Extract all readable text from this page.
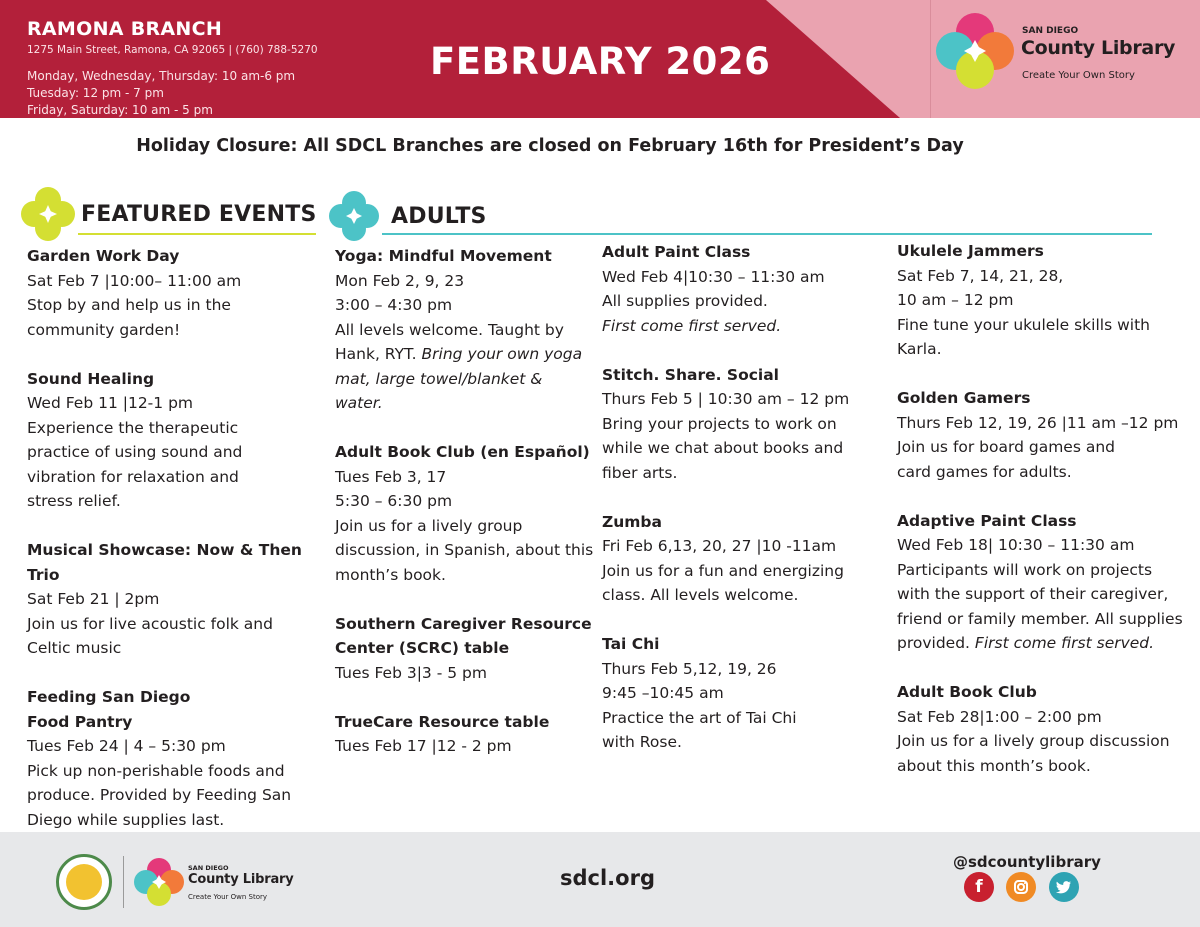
RAMONA BRANCH
1275 Main Street, Ramona, CA 92065 | (760) 788-5270
Monday, Wednesday, Thursday: 10 am-6 pm
Tuesday: 12 pm - 7 pm
Friday, Saturday: 10 am - 5 pm
FEBRUARY 2026
SAN DIEGO
County Library
Create Your Own Story
Holiday Closure: All SDCL Branches are closed on February 16th for President’s Day
FEATURED EVENTS	ADULTS
Garden Work Day
Sat Feb 7 |10:00– 11:00 am
Stop by and help us in the
community garden!
Sound Healing
Wed Feb 11 |12-1 pm
Experience the therapeutic
practice of using sound and
vibration for relaxation and
stress relief.
Musical Showcase: Now & Then Trio
Sat Feb 21 | 2pm
Join us for live acoustic folk and
Celtic music
Feeding San Diego
Food Pantry
Tues Feb 24 | 4 – 5:30 pm
Pick up non-perishable foods and
produce. Provided by Feeding San
Diego while supplies last.
Yoga: Mindful Movement
Mon Feb 2, 9, 23
3:00 – 4:30 pm
All levels welcome. Taught by
Hank, RYT. Bring your own yoga
mat, large towel/blanket &
water.
Adult Book Club (en Español)
Tues Feb 3, 17
5:30 – 6:30 pm
Join us for a lively group
discussion, in Spanish, about this
month’s book.
Southern Caregiver Resource
Center (SCRC) table
Tues Feb 3|3 - 5 pm
TrueCare Resource table
Tues Feb 17 |12 - 2 pm
Adult Paint Class
Wed Feb 4|10:30 – 11:30 am
All supplies provided.
First come first served.
Stitch. Share. Social
Thurs Feb 5 | 10:30 am – 12 pm
Bring your projects to work on
while we chat about books and
fiber arts.
Zumba
Fri Feb 6,13, 20, 27 |10 -11am
Join us for a fun and energizing
class. All levels welcome.
Tai Chi
Thurs Feb 5,12, 19, 26
9:45 –10:45 am
Practice the art of Tai Chi
with Rose.
Ukulele Jammers
Sat Feb 7, 14, 21, 28,
10 am – 12 pm
Fine tune your ukulele skills with
Karla.
Golden Gamers
Thurs Feb 12, 19, 26 |11 am –12 pm
Join us for board games and
card games for adults.
Adaptive Paint Class
Wed Feb 18| 10:30 – 11:30 am
Participants will work on projects
with the support of their caregiver,
friend or family member. All supplies
provided. First come first served.
Adult Book Club
Sat Feb 28|1:00 – 2:00 pm
Join us for a lively group discussion
about this month’s book.
SAN DIEGO
County Library
Create Your Own Story
sdcl.org
@sdcountylibrary
f
